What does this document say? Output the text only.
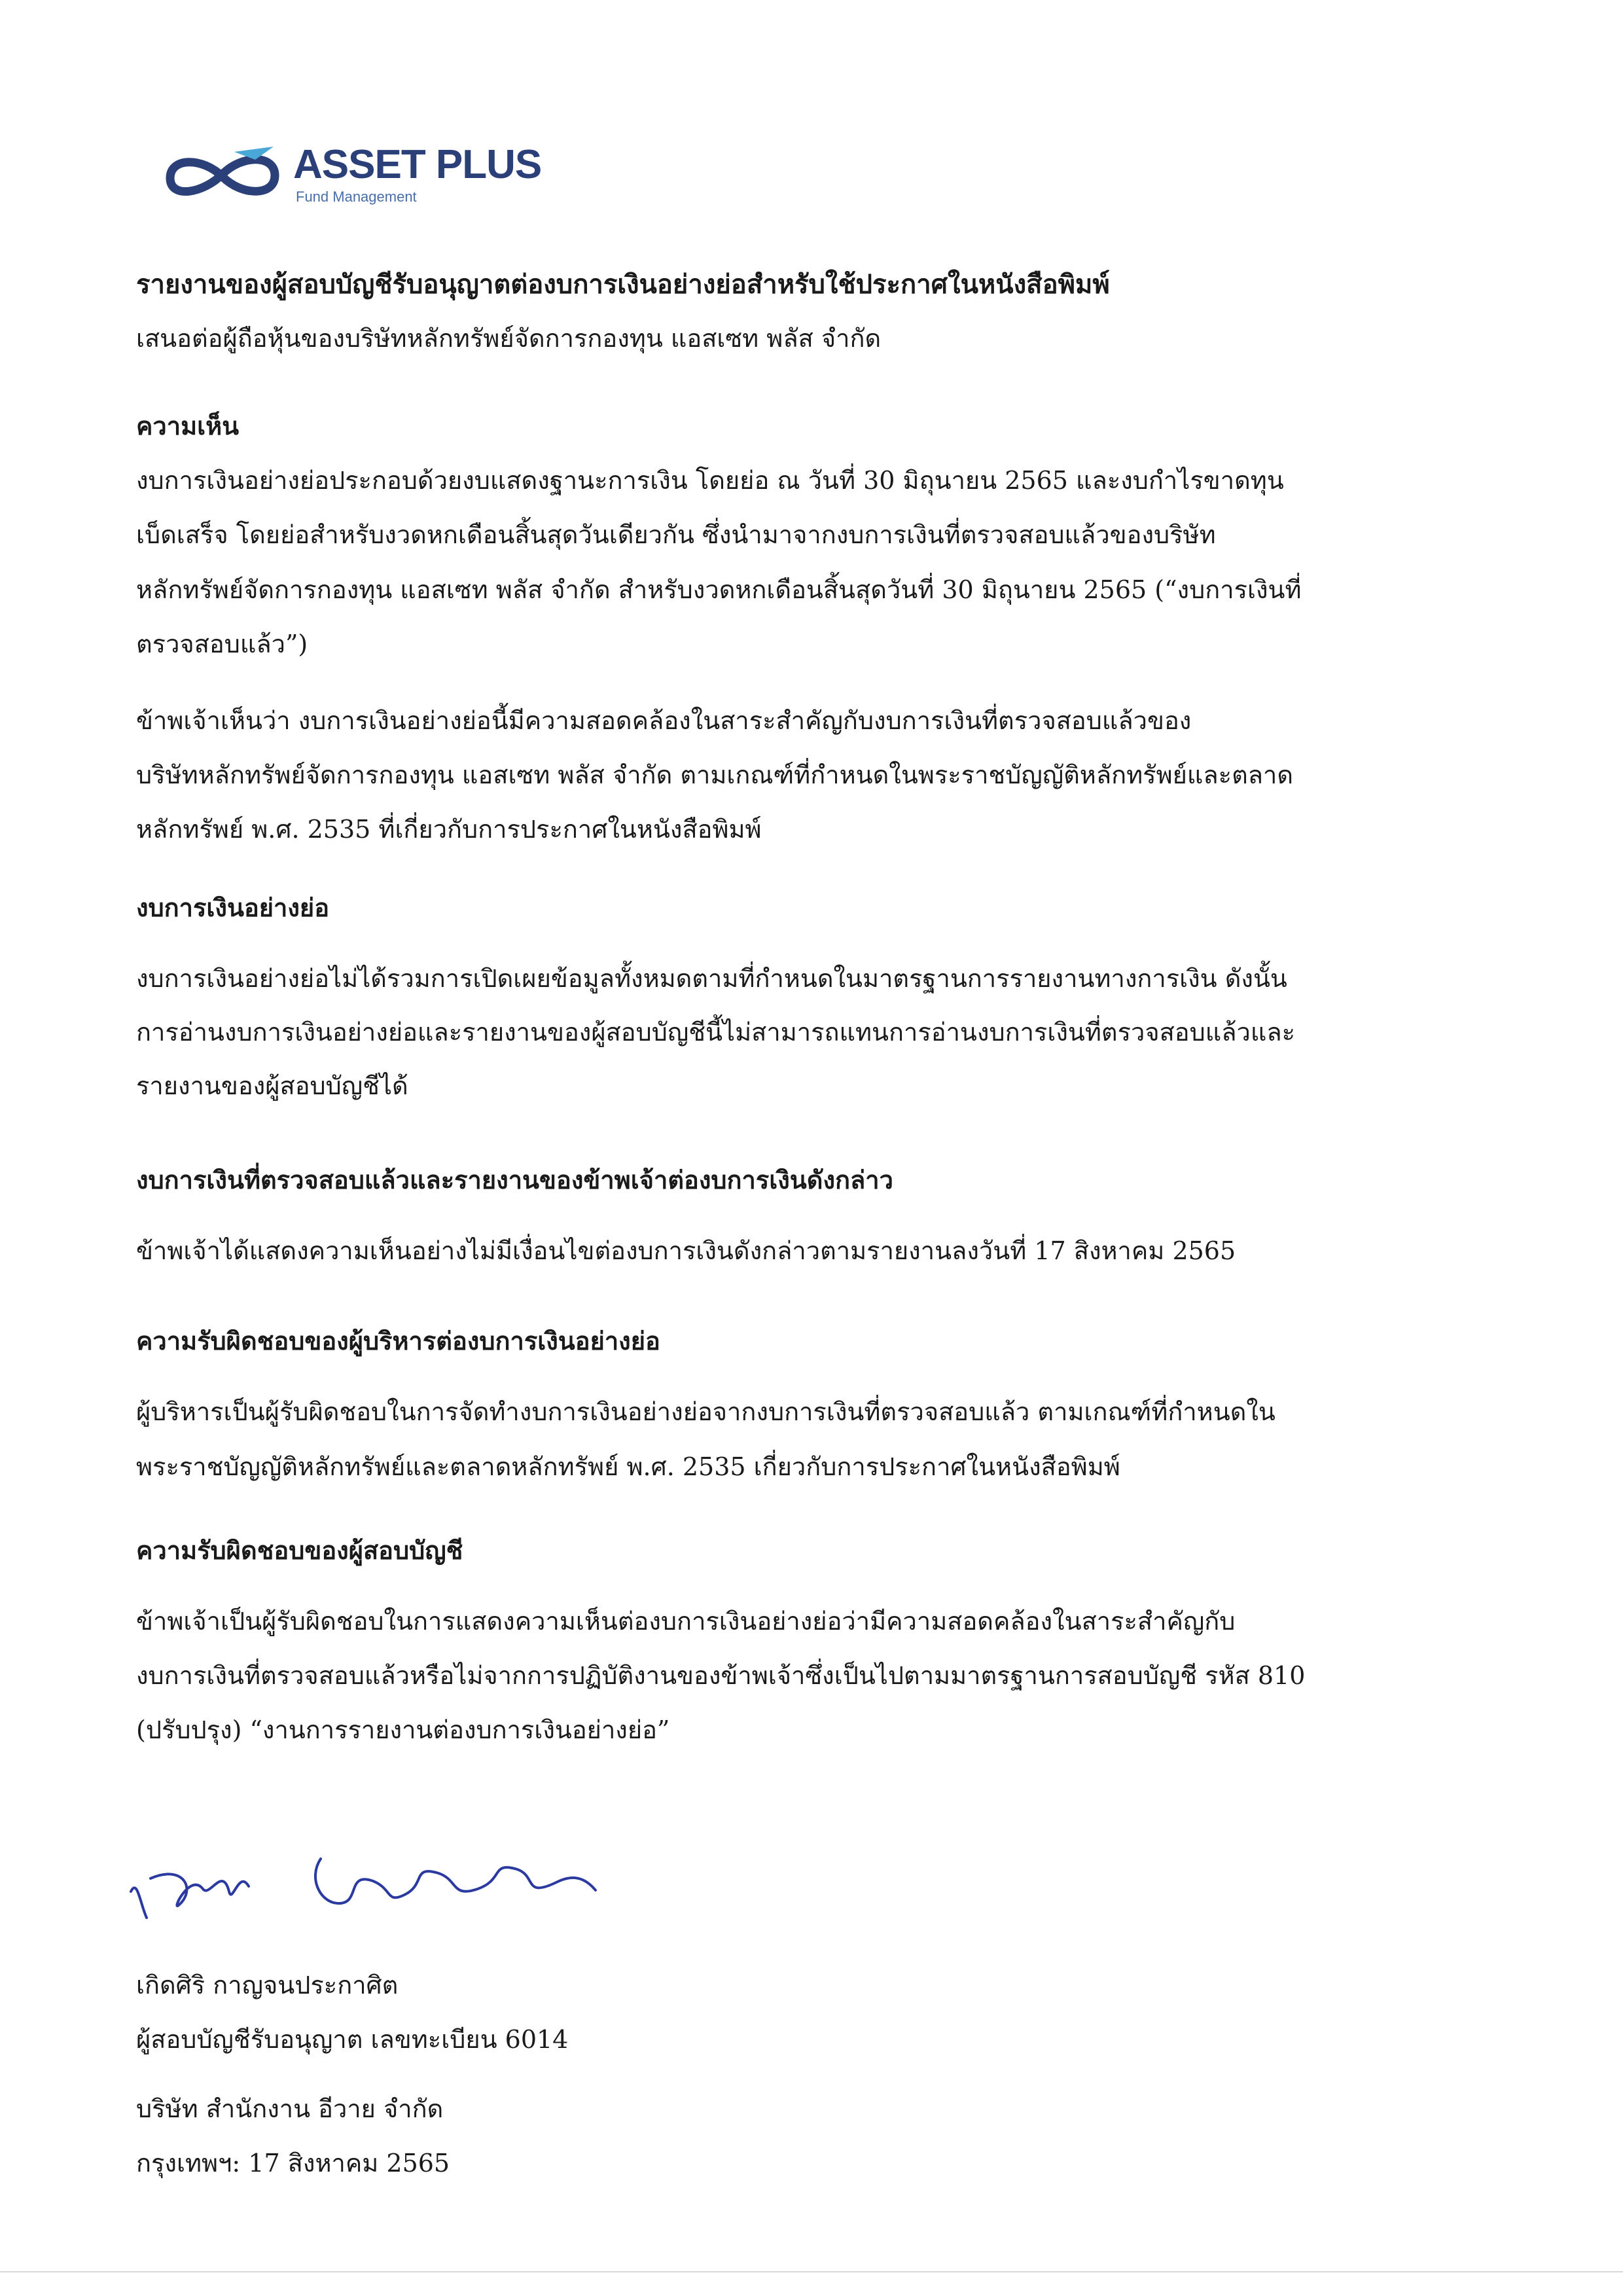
ASSET PLUS
Fund Management
รายงานของผู้สอบบัญชีรับอนุญาตต่องบการเงินอย่างย่อสำหรับใช้ประกาศในหนังสือพิมพ์
เสนอต่อผู้ถือหุ้นของบริษัทหลักทรัพย์จัดการกองทุน แอสเซท พลัส จำกัด
ความเห็น
งบการเงินอย่างย่อประกอบด้วยงบแสดงฐานะการเงิน โดยย่อ ณ วันที่ 30 มิถุนายน 2565 และงบกำไรขาดทุน
เบ็ดเสร็จ โดยย่อสำหรับงวดหกเดือนสิ้นสุดวันเดียวกัน ซึ่งนำมาจากงบการเงินที่ตรวจสอบแล้วของบริษัท
หลักทรัพย์จัดการกองทุน แอสเซท พลัส จำกัด สำหรับงวดหกเดือนสิ้นสุดวันที่ 30 มิถุนายน 2565 (“งบการเงินที่
ตรวจสอบแล้ว”)
ข้าพเจ้าเห็นว่า งบการเงินอย่างย่อนี้มีความสอดคล้องในสาระสำคัญกับงบการเงินที่ตรวจสอบแล้วของ
บริษัทหลักทรัพย์จัดการกองทุน แอสเซท พลัส จำกัด ตามเกณฑ์ที่กำหนดในพระราชบัญญัติหลักทรัพย์และตลาด
หลักทรัพย์ พ.ศ. 2535 ที่เกี่ยวกับการประกาศในหนังสือพิมพ์
งบการเงินอย่างย่อ
งบการเงินอย่างย่อไม่ได้รวมการเปิดเผยข้อมูลทั้งหมดตามที่กำหนดในมาตรฐานการรายงานทางการเงิน ดังนั้น
การอ่านงบการเงินอย่างย่อและรายงานของผู้สอบบัญชีนี้ไม่สามารถแทนการอ่านงบการเงินที่ตรวจสอบแล้วและ
รายงานของผู้สอบบัญชีได้
งบการเงินที่ตรวจสอบแล้วและรายงานของข้าพเจ้าต่องบการเงินดังกล่าว
ข้าพเจ้าได้แสดงความเห็นอย่างไม่มีเงื่อนไขต่องบการเงินดังกล่าวตามรายงานลงวันที่ 17 สิงหาคม 2565
ความรับผิดชอบของผู้บริหารต่องบการเงินอย่างย่อ
ผู้บริหารเป็นผู้รับผิดชอบในการจัดทำงบการเงินอย่างย่อจากงบการเงินที่ตรวจสอบแล้ว ตามเกณฑ์ที่กำหนดใน
พระราชบัญญัติหลักทรัพย์และตลาดหลักทรัพย์ พ.ศ. 2535 เกี่ยวกับการประกาศในหนังสือพิมพ์
ความรับผิดชอบของผู้สอบบัญชี
ข้าพเจ้าเป็นผู้รับผิดชอบในการแสดงความเห็นต่องบการเงินอย่างย่อว่ามีความสอดคล้องในสาระสำคัญกับ
งบการเงินที่ตรวจสอบแล้วหรือไม่จากการปฏิบัติงานของข้าพเจ้าซึ่งเป็นไปตามมาตรฐานการสอบบัญชี รหัส 810
(ปรับปรุง) “งานการรายงานต่องบการเงินอย่างย่อ”
เกิดศิริ กาญจนประกาศิต
ผู้สอบบัญชีรับอนุญาต เลขทะเบียน 6014
บริษัท สำนักงาน อีวาย จำกัด
กรุงเทพฯ: 17 สิงหาคม 2565
